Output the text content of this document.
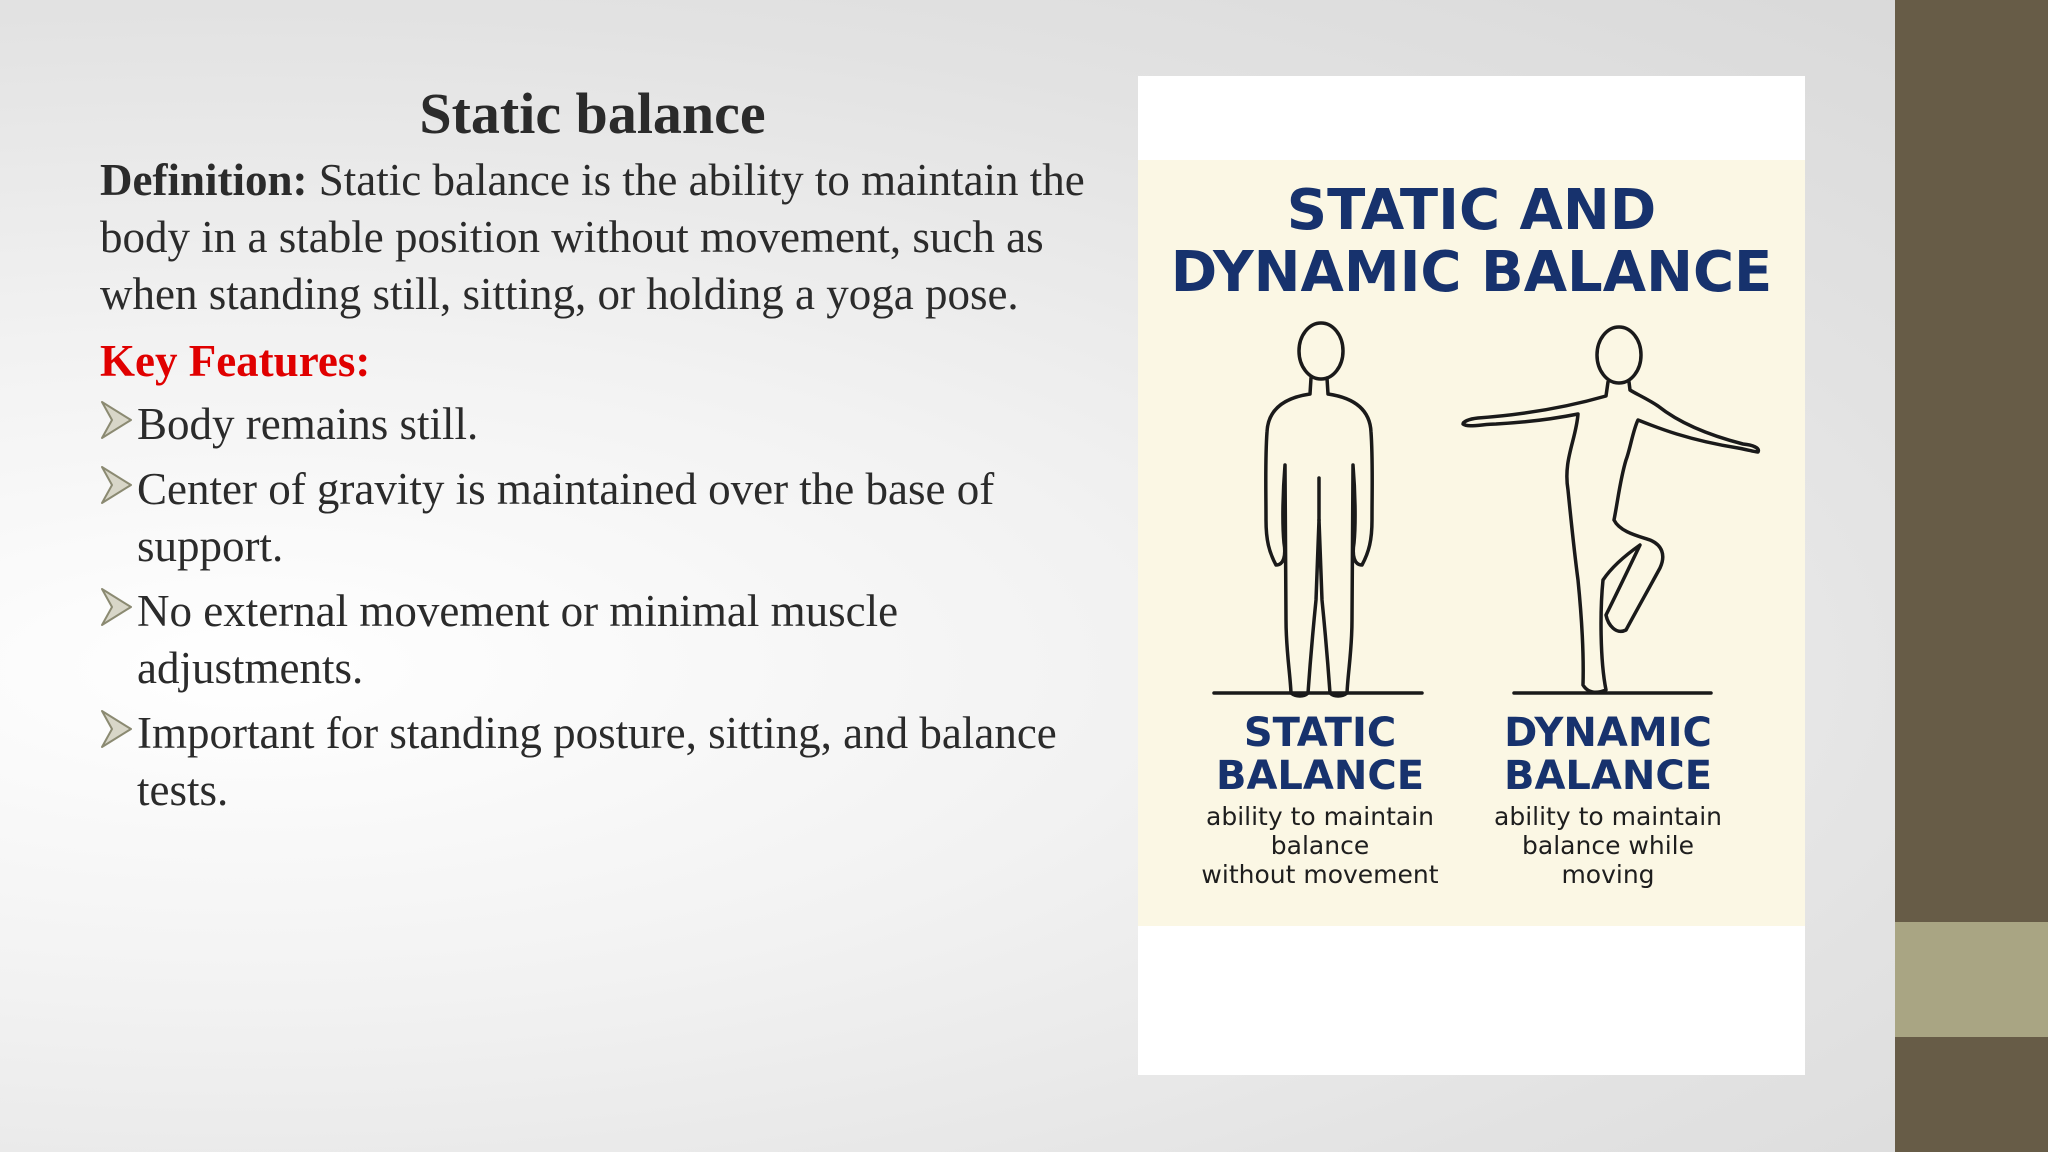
Static balance

Definition: Static balance is the ability to maintain the body in a stable position without movement, such as when standing still, sitting, or holding a yoga pose.

Key Features:

Body remains still.
Center of gravity is maintained over the base of support.
No external movement or minimal muscle adjustments.
Important for standing posture, sitting, and balance tests.
STATIC AND
DYNAMIC BALANCE
STATIC
BALANCE
ability to maintain
balance
without movement
DYNAMIC
BALANCE
ability to maintain
balance while
moving
